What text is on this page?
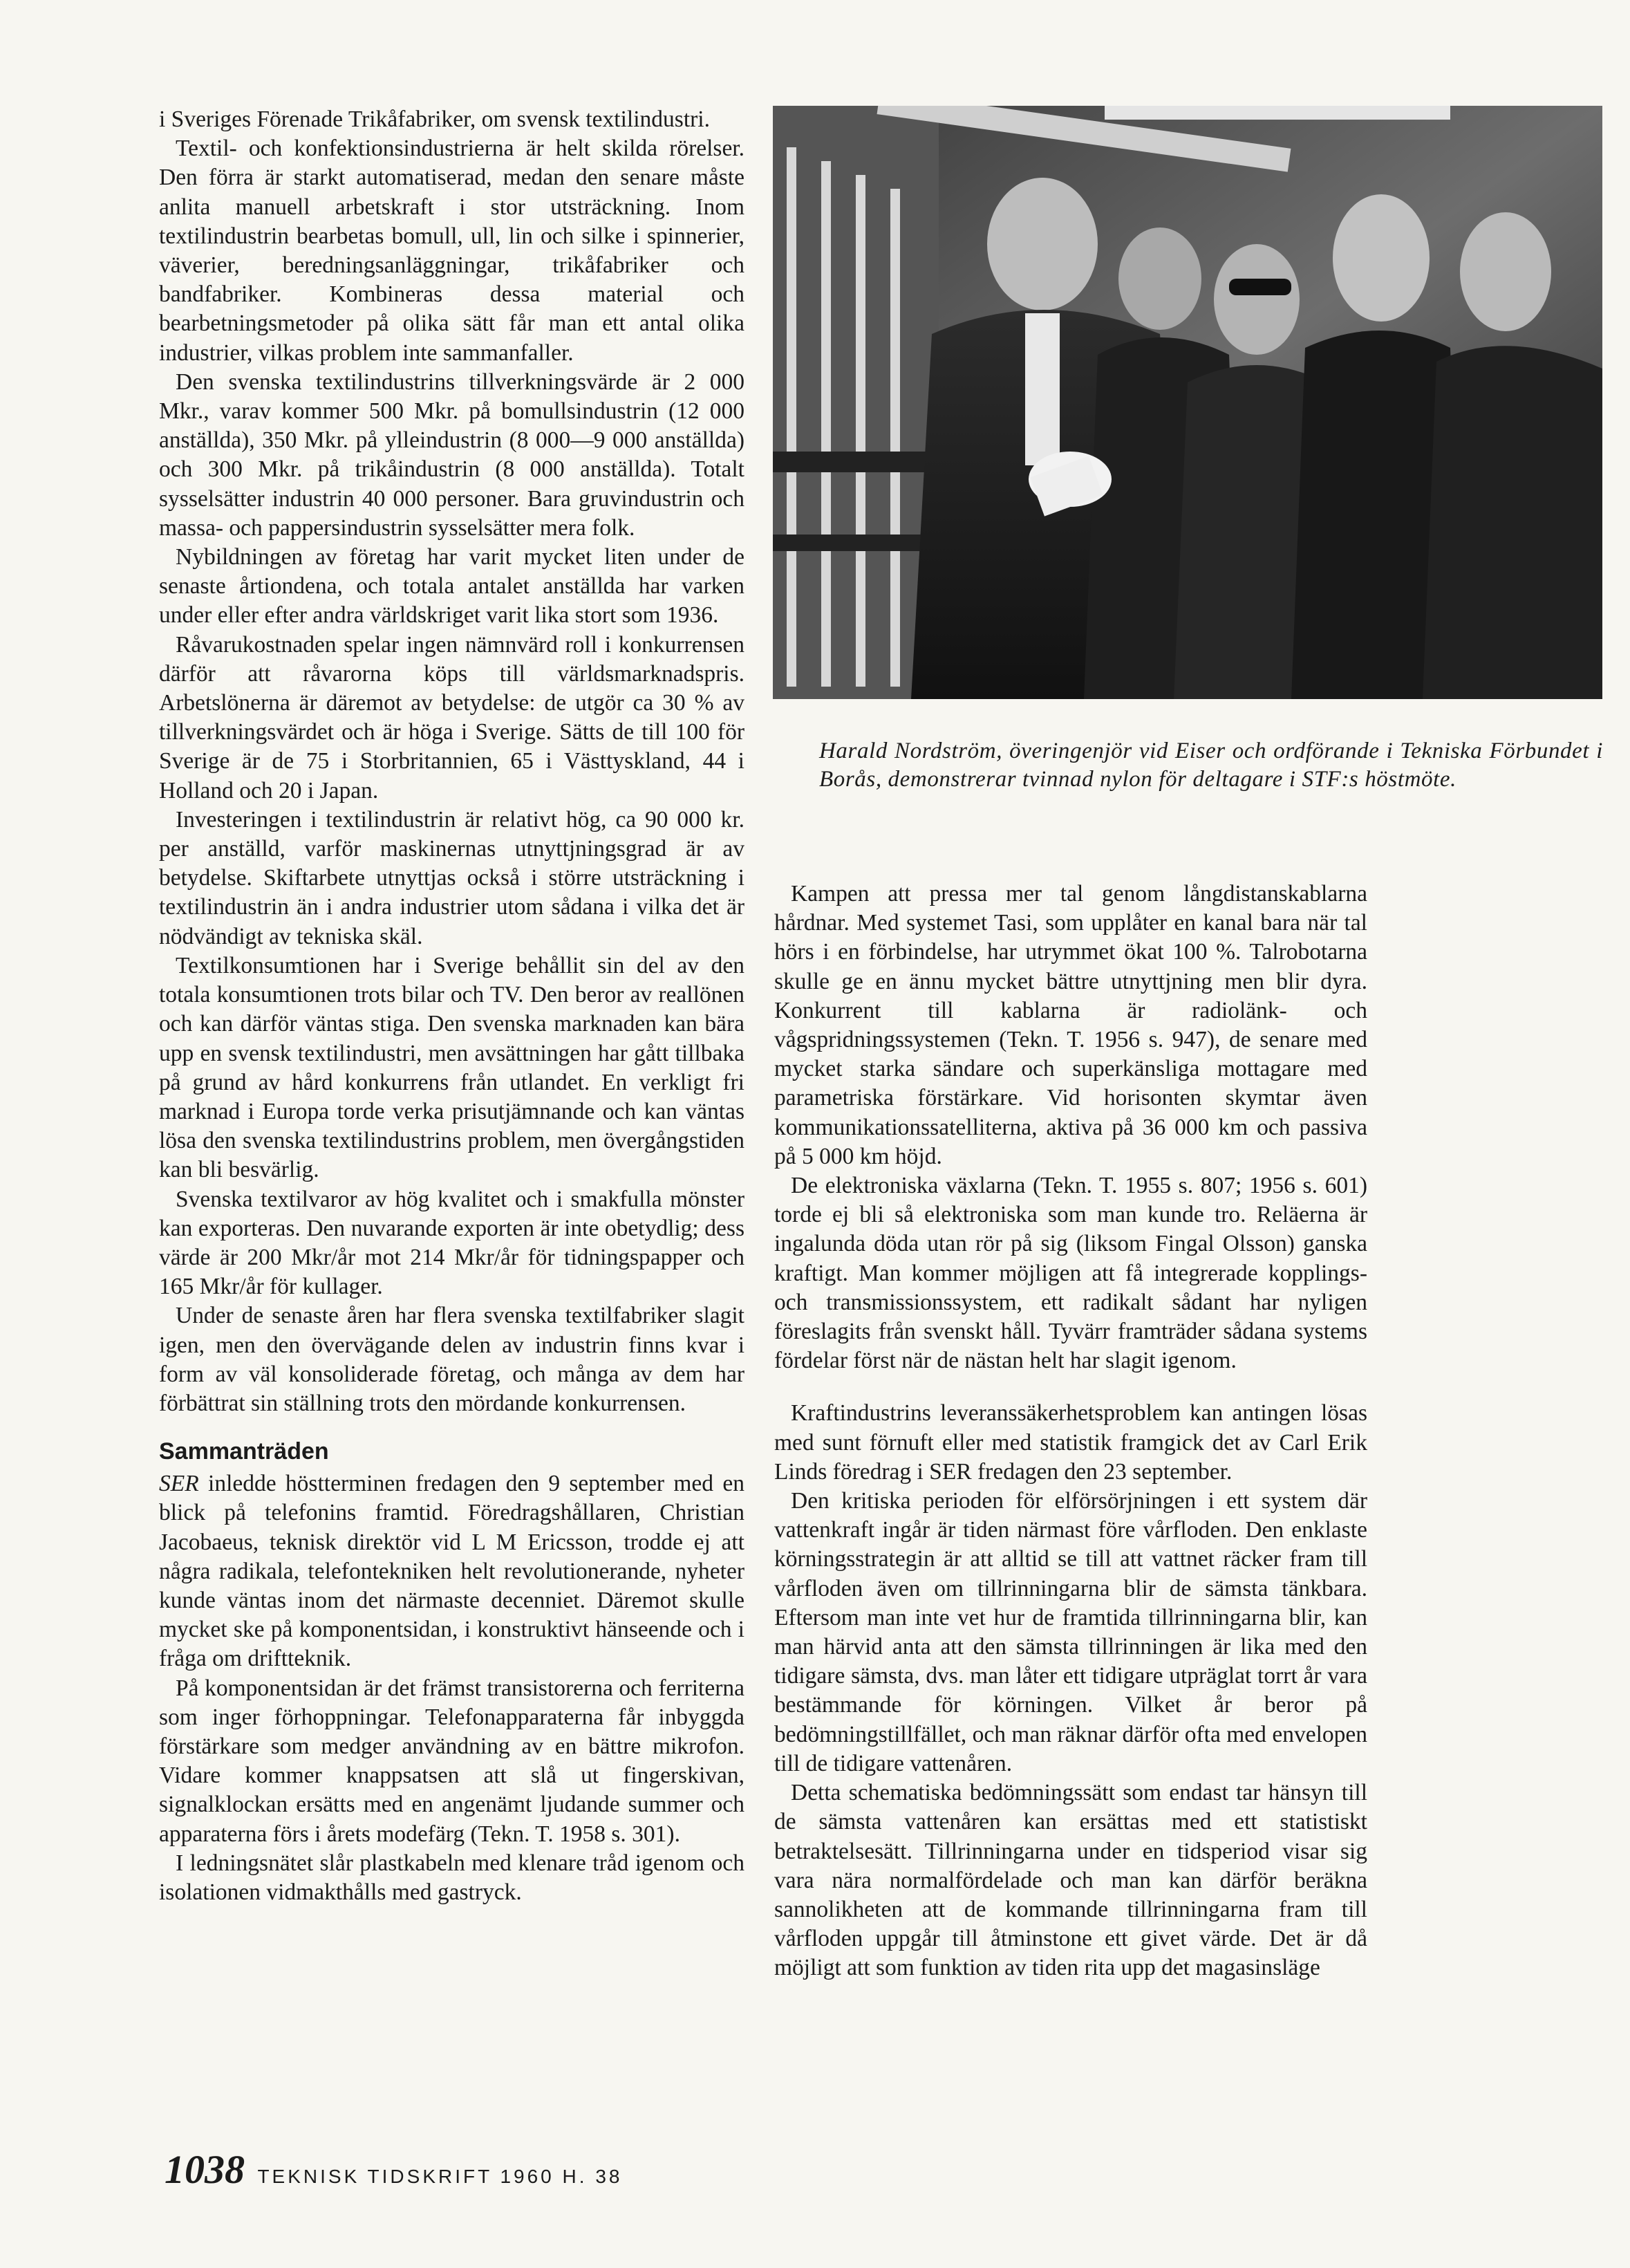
i Sveriges Förenade Trikåfabriker, om svensk textilindustri.

Textil- och konfektionsindustrierna är helt skilda rörelser. Den förra är starkt automatiserad, medan den senare måste anlita manuell arbetskraft i stor utsträckning. Inom textilindustrin bearbetas bomull, ull, lin och silke i spinnerier, väverier, beredningsanläggningar, trikåfabriker och bandfabriker. Kombineras dessa material och bearbetningsmetoder på olika sätt får man ett antal olika industrier, vilkas problem inte sammanfaller.

Den svenska textilindustrins tillverkningsvärde är 2 000 Mkr., varav kommer 500 Mkr. på bomullsindustrin (12 000 anställda), 350 Mkr. på ylleindustrin (8 000—9 000 anställda) och 300 Mkr. på trikåindustrin (8 000 anställda). Totalt sysselsätter industrin 40 000 personer. Bara gruvindustrin och massa- och pappersindustrin sysselsätter mera folk.

Nybildningen av företag har varit mycket liten under de senaste årtiondena, och totala antalet anställda har varken under eller efter andra världskriget varit lika stort som 1936.

Råvarukostnaden spelar ingen nämnvärd roll i konkurrensen därför att råvarorna köps till världsmarknadspris. Arbetslönerna är däremot av betydelse: de utgör ca 30 % av tillverkningsvärdet och är höga i Sverige. Sätts de till 100 för Sverige är de 75 i Storbritannien, 65 i Västtyskland, 44 i Holland och 20 i Japan.

Investeringen i textilindustrin är relativt hög, ca 90 000 kr. per anställd, varför maskinernas utnyttjningsgrad är av betydelse. Skiftarbete utnyttjas också i större utsträckning i textilindustrin än i andra industrier utom sådana i vilka det är nödvändigt av tekniska skäl.

Textilkonsumtionen har i Sverige behållit sin del av den totala konsumtionen trots bilar och TV. Den beror av reallönen och kan därför väntas stiga. Den svenska marknaden kan bära upp en svensk textilindustri, men avsättningen har gått tillbaka på grund av hård konkurrens från utlandet. En verkligt fri marknad i Europa torde verka prisutjämnande och kan väntas lösa den svenska textilindustrins problem, men övergångstiden kan bli besvärlig.

Svenska textilvaror av hög kvalitet och i smakfulla mönster kan exporteras. Den nuvarande exporten är inte obetydlig; dess värde är 200 Mkr/år mot 214 Mkr/år för tidningspapper och 165 Mkr/år för kullager.

Under de senaste åren har flera svenska textilfabriker slagit igen, men den övervägande delen av industrin finns kvar i form av väl konsoliderade företag, och många av dem har förbättrat sin ställning trots den mördande konkurrensen.

Sammanträden

SER inledde höstterminen fredagen den 9 september med en blick på telefonins framtid. Föredragshållaren, Christian Jacobaeus, teknisk direktör vid L M Ericsson, trodde ej att några radikala, telefontekniken helt revolutionerande, nyheter kunde väntas inom det närmaste decenniet. Däremot skulle mycket ske på komponentsidan, i konstruktivt hänseende och i fråga om driftteknik.

På komponentsidan är det främst transistorerna och ferriterna som inger förhoppningar. Telefonapparaterna får inbyggda förstärkare som medger användning av en bättre mikrofon. Vidare kommer knappsatsen att slå ut fingerskivan, signalklockan ersätts med en angenämt ljudande summer och apparaterna förs i årets modefärg (Tekn. T. 1958 s. 301).

I ledningsnätet slår plastkabeln med klenare tråd igenom och isolationen vidmakthålls med gastryck.

Harald Nordström, överingenjör vid Eiser och ordförande i Tekniska Förbundet i Borås, demonstrerar tvinnad nylon för deltagare i STF:s höstmöte.

Kampen att pressa mer tal genom långdistanskablarna hårdnar. Med systemet Tasi, som upplåter en kanal bara när tal hörs i en förbindelse, har utrymmet ökat 100 %. Talrobotarna skulle ge en ännu mycket bättre utnyttjning men blir dyra. Konkurrent till kablarna är radiolänk- och vågspridningssystemen (Tekn. T. 1956 s. 947), de senare med mycket starka sändare och superkänsliga mottagare med parametriska förstärkare. Vid horisonten skymtar även kommunikationssatelliterna, aktiva på 36 000 km och passiva på 5 000 km höjd.

De elektroniska växlarna (Tekn. T. 1955 s. 807; 1956 s. 601) torde ej bli så elektroniska som man kunde tro. Reläerna är ingalunda döda utan rör på sig (liksom Fingal Olsson) ganska kraftigt. Man kommer möjligen att få integrerade kopplings- och transmissionssystem, ett radikalt sådant har nyligen föreslagits från svenskt håll. Tyvärr framträder sådana systems fördelar först när de nästan helt har slagit igenom.

Kraftindustrins leveranssäkerhetsproblem kan antingen lösas med sunt förnuft eller med statistik framgick det av Carl Erik Linds föredrag i SER fredagen den 23 september.

Den kritiska perioden för elförsörjningen i ett system där vattenkraft ingår är tiden närmast före vårfloden. Den enklaste körningsstrategin är att alltid se till att vattnet räcker fram till vårfloden även om tillrinningarna blir de sämsta tänkbara. Eftersom man inte vet hur de framtida tillrinningarna blir, kan man härvid anta att den sämsta tillrinningen är lika med den tidigare sämsta, dvs. man låter ett tidigare utpräglat torrt år vara bestämmande för körningen. Vilket år beror på bedömningstillfället, och man räknar därför ofta med envelopen till de tidigare vattenåren.

Detta schematiska bedömningssätt som endast tar hänsyn till de sämsta vattenåren kan ersättas med ett statistiskt betraktelsesätt. Tillrinningarna under en tidsperiod visar sig vara nära normalfördelade och man kan därför beräkna sannolikheten att de kommande tillrinningarna fram till vårfloden uppgår till åtminstone ett givet värde. Det är då möjligt att som funktion av tiden rita upp det magasinsläge

1038 TEKNISK TIDSKRIFT 1960 H. 38
